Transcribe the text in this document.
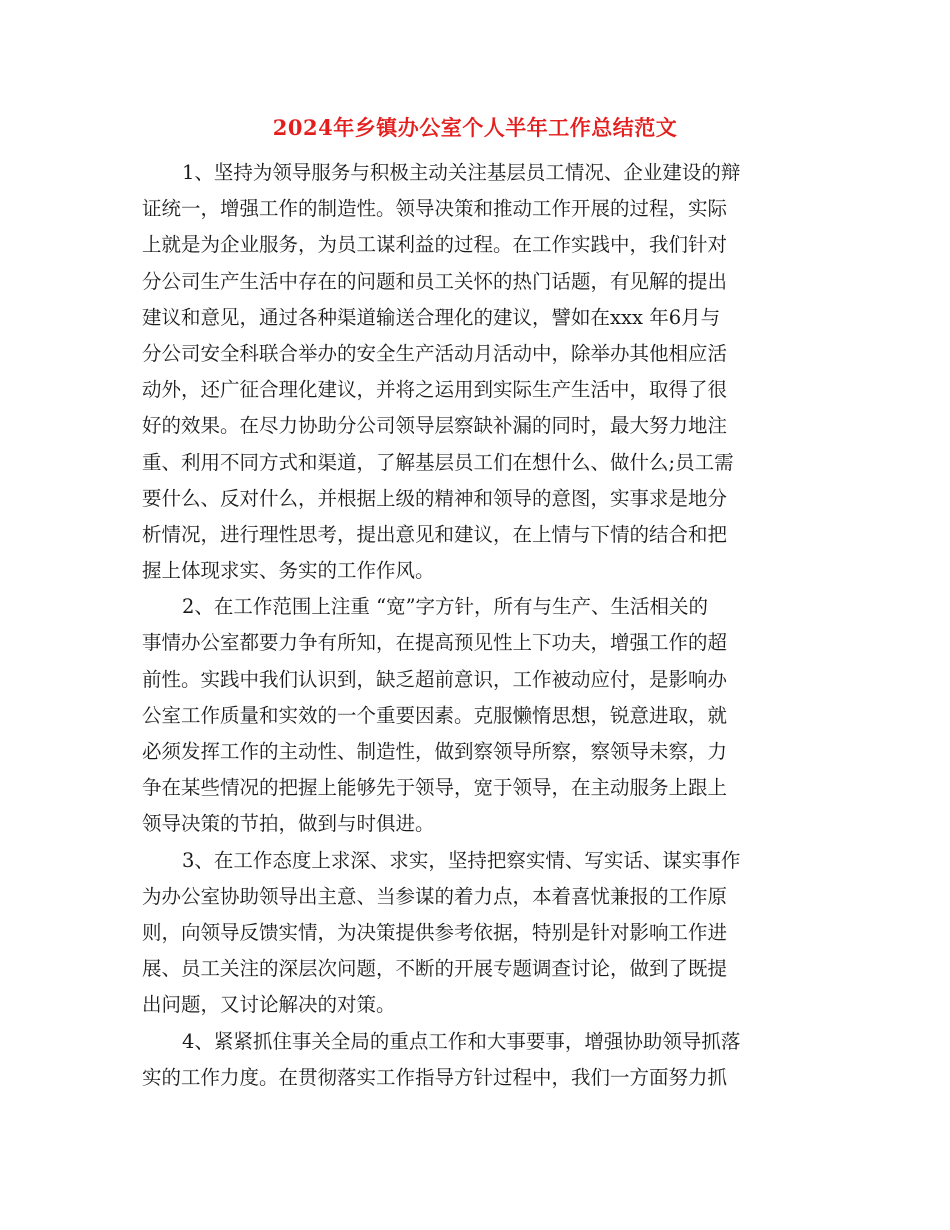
2024年乡镇办公室个人半年工作总结范文
1、坚持为领导服务与积极主动关注基层员工情况、企业建设的辩
证统一，增强工作的制造性。领导决策和推动工作开展的过程，实际
上就是为企业服务，为员工谋利益的过程。在工作实践中，我们针对
分公司生产生活中存在的问题和员工关怀的热门话题，有见解的提出
建议和意见，通过各种渠道输送合理化的建议，譬如在xxx 年6月与
分公司安全科联合举办的安全生产活动月活动中，除举办其他相应活
动外，还广征合理化建议，并将之运用到实际生产生活中，取得了很
好的效果。在尽力协助分公司领导层察缺补漏的同时，最大努力地注
重、利用不同方式和渠道，了解基层员工们在想什么、做什么;员工需
要什么、反对什么，并根据上级的精神和领导的意图，实事求是地分
析情况，进行理性思考，提出意见和建议，在上情与下情的结合和把
握上体现求实、务实的工作作风。
2、在工作范围上注重 “宽”字方针，所有与生产、生活相关的
事情办公室都要力争有所知，在提高预见性上下功夫，增强工作的超
前性。实践中我们认识到，缺乏超前意识，工作被动应付，是影响办
公室工作质量和实效的一个重要因素。克服懒惰思想，锐意进取，就
必须发挥工作的主动性、制造性，做到察领导所察，察领导未察，力
争在某些情况的把握上能够先于领导，宽于领导，在主动服务上跟上
领导决策的节拍，做到与时俱进。
3、在工作态度上求深、求实，坚持把察实情、写实话、谋实事作
为办公室协助领导出主意、当参谋的着力点，本着喜忧兼报的工作原
则，向领导反馈实情，为决策提供参考依据，特别是针对影响工作进
展、员工关注的深层次问题，不断的开展专题调查讨论，做到了既提
出问题，又讨论解决的对策。
4、紧紧抓住事关全局的重点工作和大事要事，增强协助领导抓落
实的工作力度。在贯彻落实工作指导方针过程中，我们一方面努力抓
